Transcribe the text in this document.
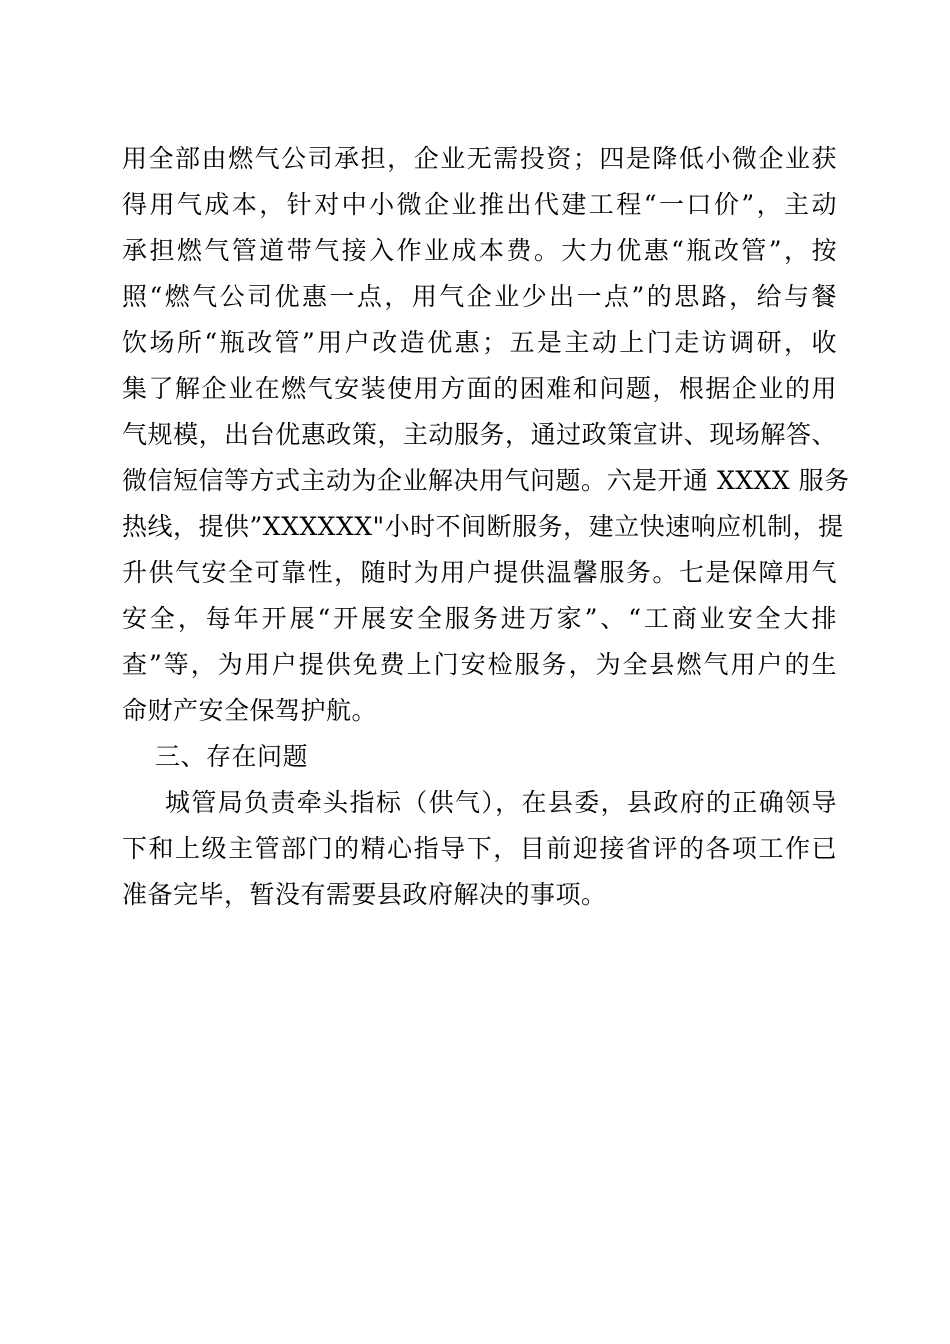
用全部由燃气公司承担，企业无需投资；四是降低小微企业获
得用气成本，针对中小微企业推出代建工程“一口价”，主动
承担燃气管道带气接入作业成本费。大力优惠“瓶改管”，按
照“燃气公司优惠一点，用气企业少出一点”的思路，给与餐
饮场所“瓶改管”用户改造优惠；五是主动上门走访调研，收
集了解企业在燃气安装使用方面的困难和问题，根据企业的用
气规模，出台优惠政策，主动服务，通过政策宣讲、现场解答、
微信短信等方式主动为企业解决用气问题。六是开通 XXXX 服务
热线，提供”XXXXXX"小时不间断服务，建立快速响应机制，提
升供气安全可靠性，随时为用户提供温馨服务。七是保障用气
安全，每年开展“开展安全服务进万家”、“工商业安全大排
查”等，为用户提供免费上门安检服务，为全县燃气用户的生
命财产安全保驾护航。
三、存在问题
城管局负责牵头指标（供气），在县委，县政府的正确领导
下和上级主管部门的精心指导下，目前迎接省评的各项工作已
准备完毕，暂没有需要县政府解决的事项。
